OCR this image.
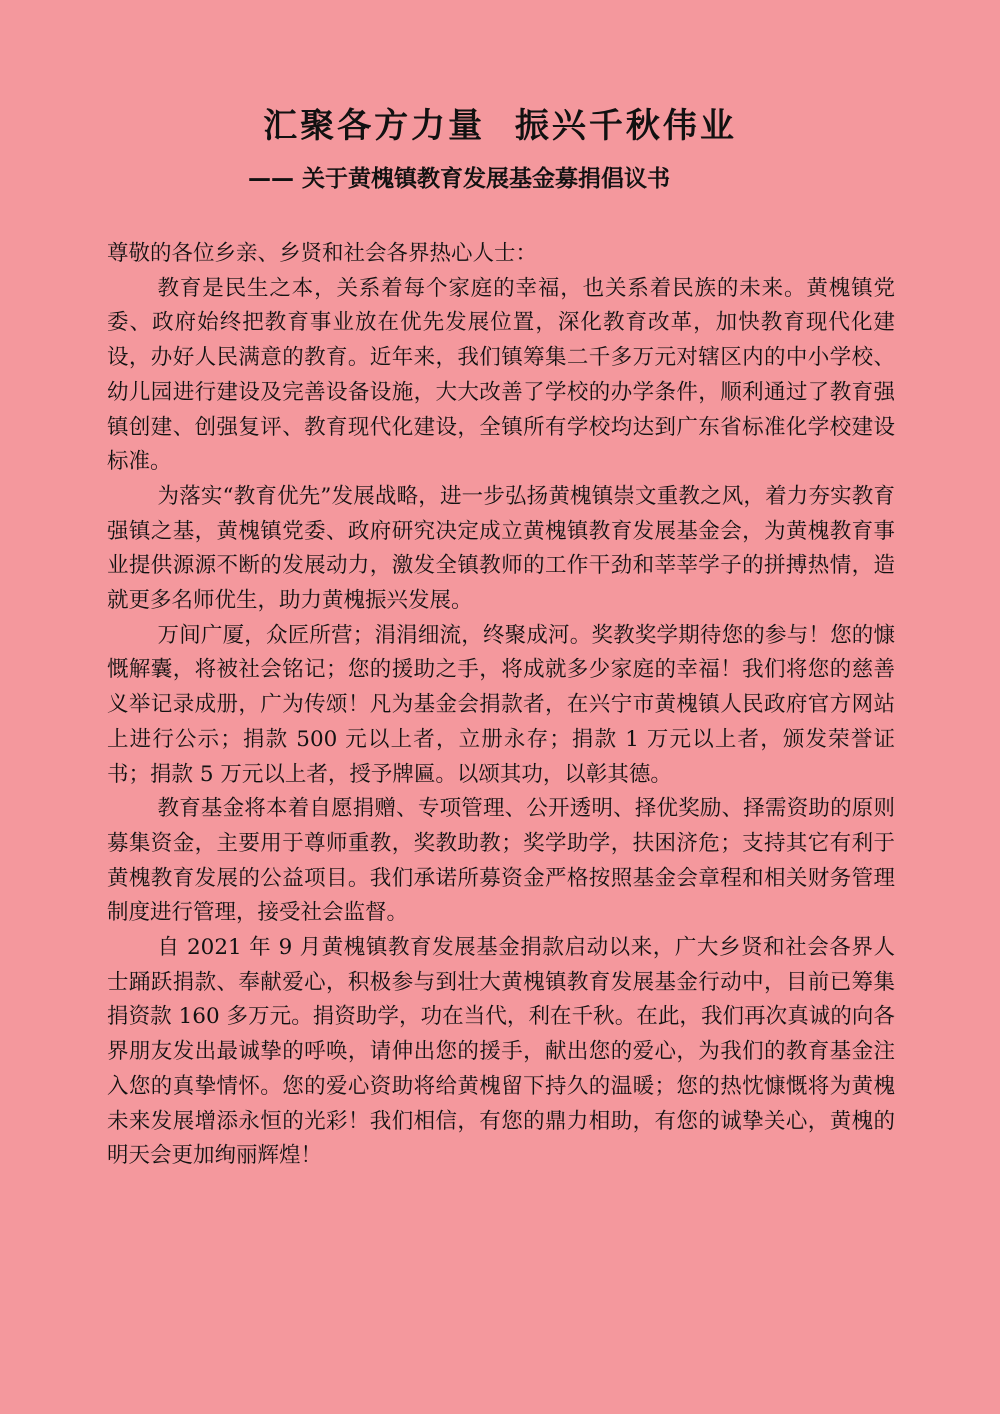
汇聚各方力量  振兴千秋伟业
—— 关于黄槐镇教育发展基金募捐倡议书

尊敬的各位乡亲、乡贤和社会各界热心人士：

教育是民生之本，关系着每个家庭的幸福，也关系着民族的未来。黄槐镇党委、政府始终把教育事业放在优先发展位置，深化教育改革，加快教育现代化建设，办好人民满意的教育。近年来，我们镇筹集二千多万元对辖区内的中小学校、幼儿园进行建设及完善设备设施，大大改善了学校的办学条件，顺利通过了教育强镇创建、创强复评、教育现代化建设，全镇所有学校均达到广东省标准化学校建设标准。

为落实“教育优先”发展战略，进一步弘扬黄槐镇崇文重教之风，着力夯实教育强镇之基，黄槐镇党委、政府研究决定成立黄槐镇教育发展基金会，为黄槐教育事业提供源源不断的发展动力，激发全镇教师的工作干劲和莘莘学子的拼搏热情，造就更多名师优生，助力黄槐振兴发展。

万间广厦，众匠所营；涓涓细流，终聚成河。奖教奖学期待您的参与！您的慷慨解囊，将被社会铭记；您的援助之手，将成就多少家庭的幸福！我们将您的慈善义举记录成册，广为传颂！凡为基金会捐款者，在兴宁市黄槐镇人民政府官方网站上进行公示；捐款 500 元以上者，立册永存；捐款 1 万元以上者，颁发荣誉证书；捐款 5 万元以上者，授予牌匾。以颂其功，以彰其德。

教育基金将本着自愿捐赠、专项管理、公开透明、择优奖励、择需资助的原则募集资金，主要用于尊师重教，奖教助教；奖学助学，扶困济危；支持其它有利于黄槐教育发展的公益项目。我们承诺所募资金严格按照基金会章程和相关财务管理制度进行管理，接受社会监督。

自 2021 年 9 月黄槐镇教育发展基金捐款启动以来，广大乡贤和社会各界人士踊跃捐款、奉献爱心，积极参与到壮大黄槐镇教育发展基金行动中，目前已筹集捐资款 160 多万元。捐资助学，功在当代，利在千秋。在此，我们再次真诚的向各界朋友发出最诚挚的呼唤，请伸出您的援手，献出您的爱心，为我们的教育基金注入您的真挚情怀。您的爱心资助将给黄槐留下持久的温暖；您的热忱慷慨将为黄槐未来发展增添永恒的光彩！我们相信，有您的鼎力相助，有您的诚挚关心，黄槐的明天会更加绚丽辉煌！
